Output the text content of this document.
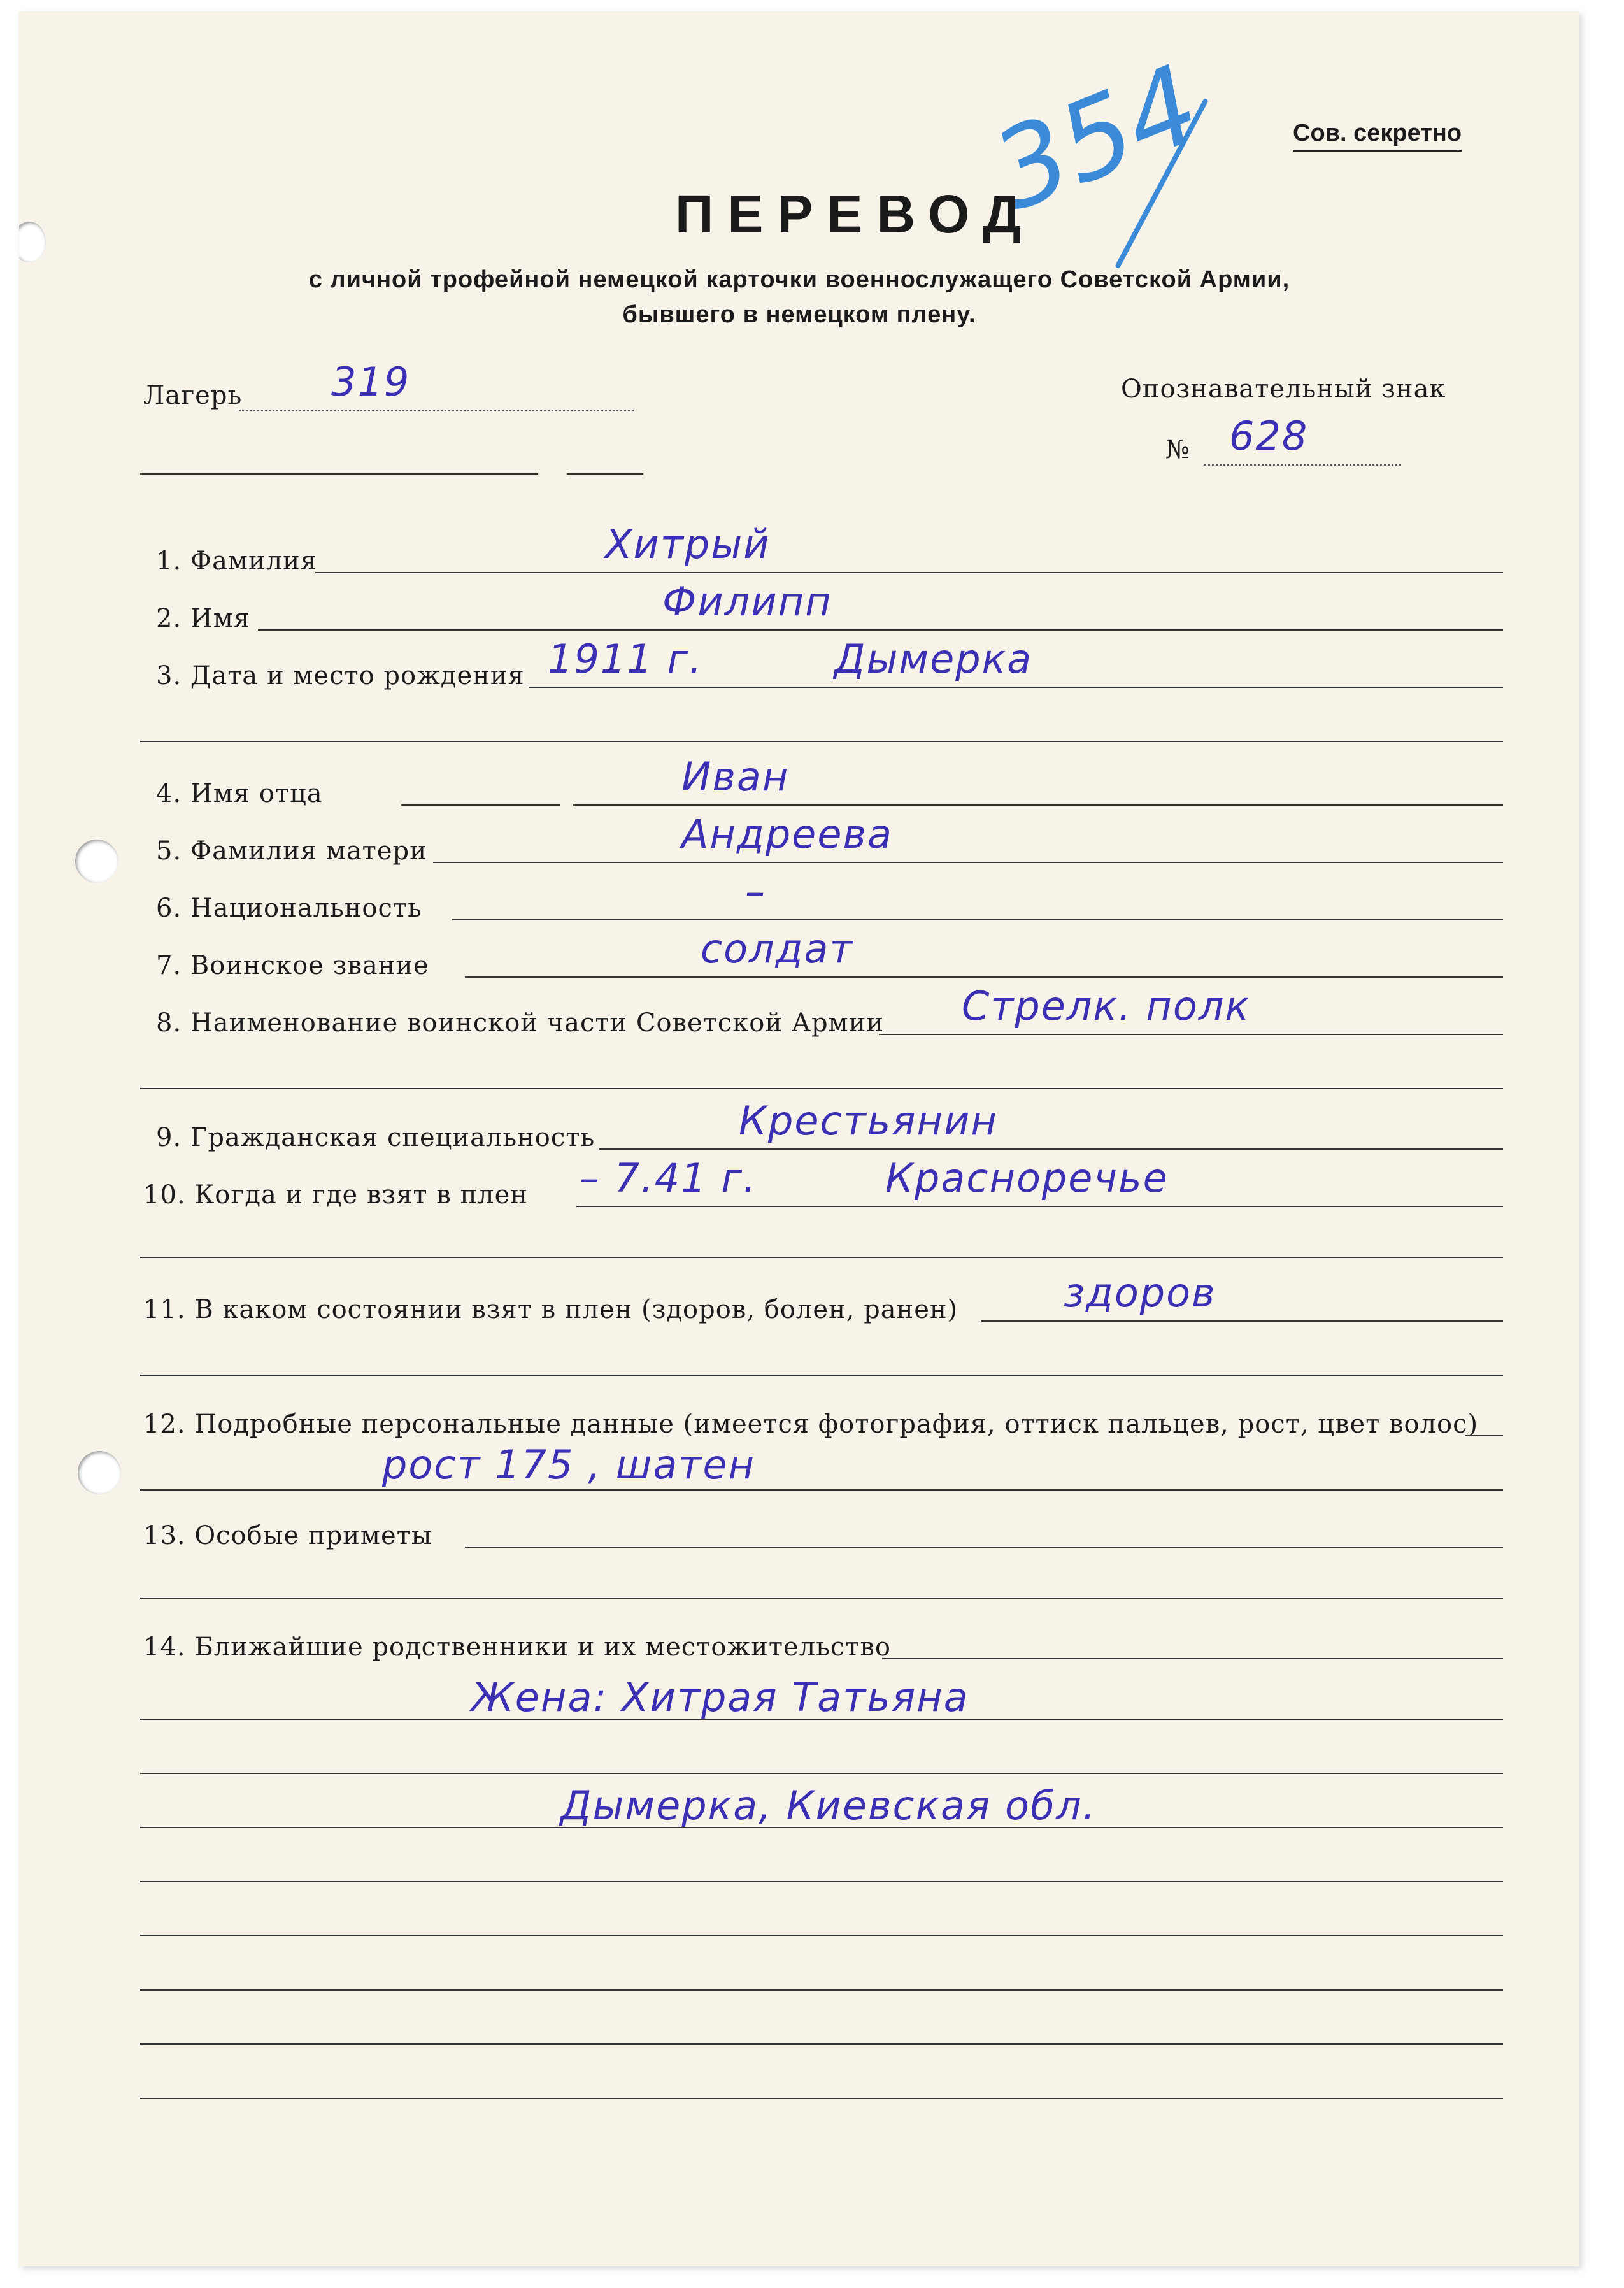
Сов. секретно
354
ПЕРЕВОД
с личной трофейной немецкой карточки военнослужащего Советской Армии,
бывшего в немецком плену.
Лагерь 319	Опознавательный знак
№ 628
1. Фамилия	Хитрый
2. Имя	Филипп
3. Дата и место рождения 1911 г.	Дымерка
4. Имя отца	Иван
5. Фамилия матери	Андреева
6. Национальность	–
7. Воинское звание	солдат
8. Наименование воинской части Советской Армии Стрелк. полк
9. Гражданская специальность	Крестьянин
10. Когда и где взят в плен – 7.41 г.	Красноречье
11. В каком состоянии взят в плен (здоров, болен, ранен)	здоров
12. Подробные персональные данные (имеется фотография, оттиск пальцев, рост, цвет волос)
рост 175 , шатен
13. Особые приметы
14. Ближайшие родственники и их местожительство
Жена: Хитрая Татьяна
Дымерка, Киевская обл.
